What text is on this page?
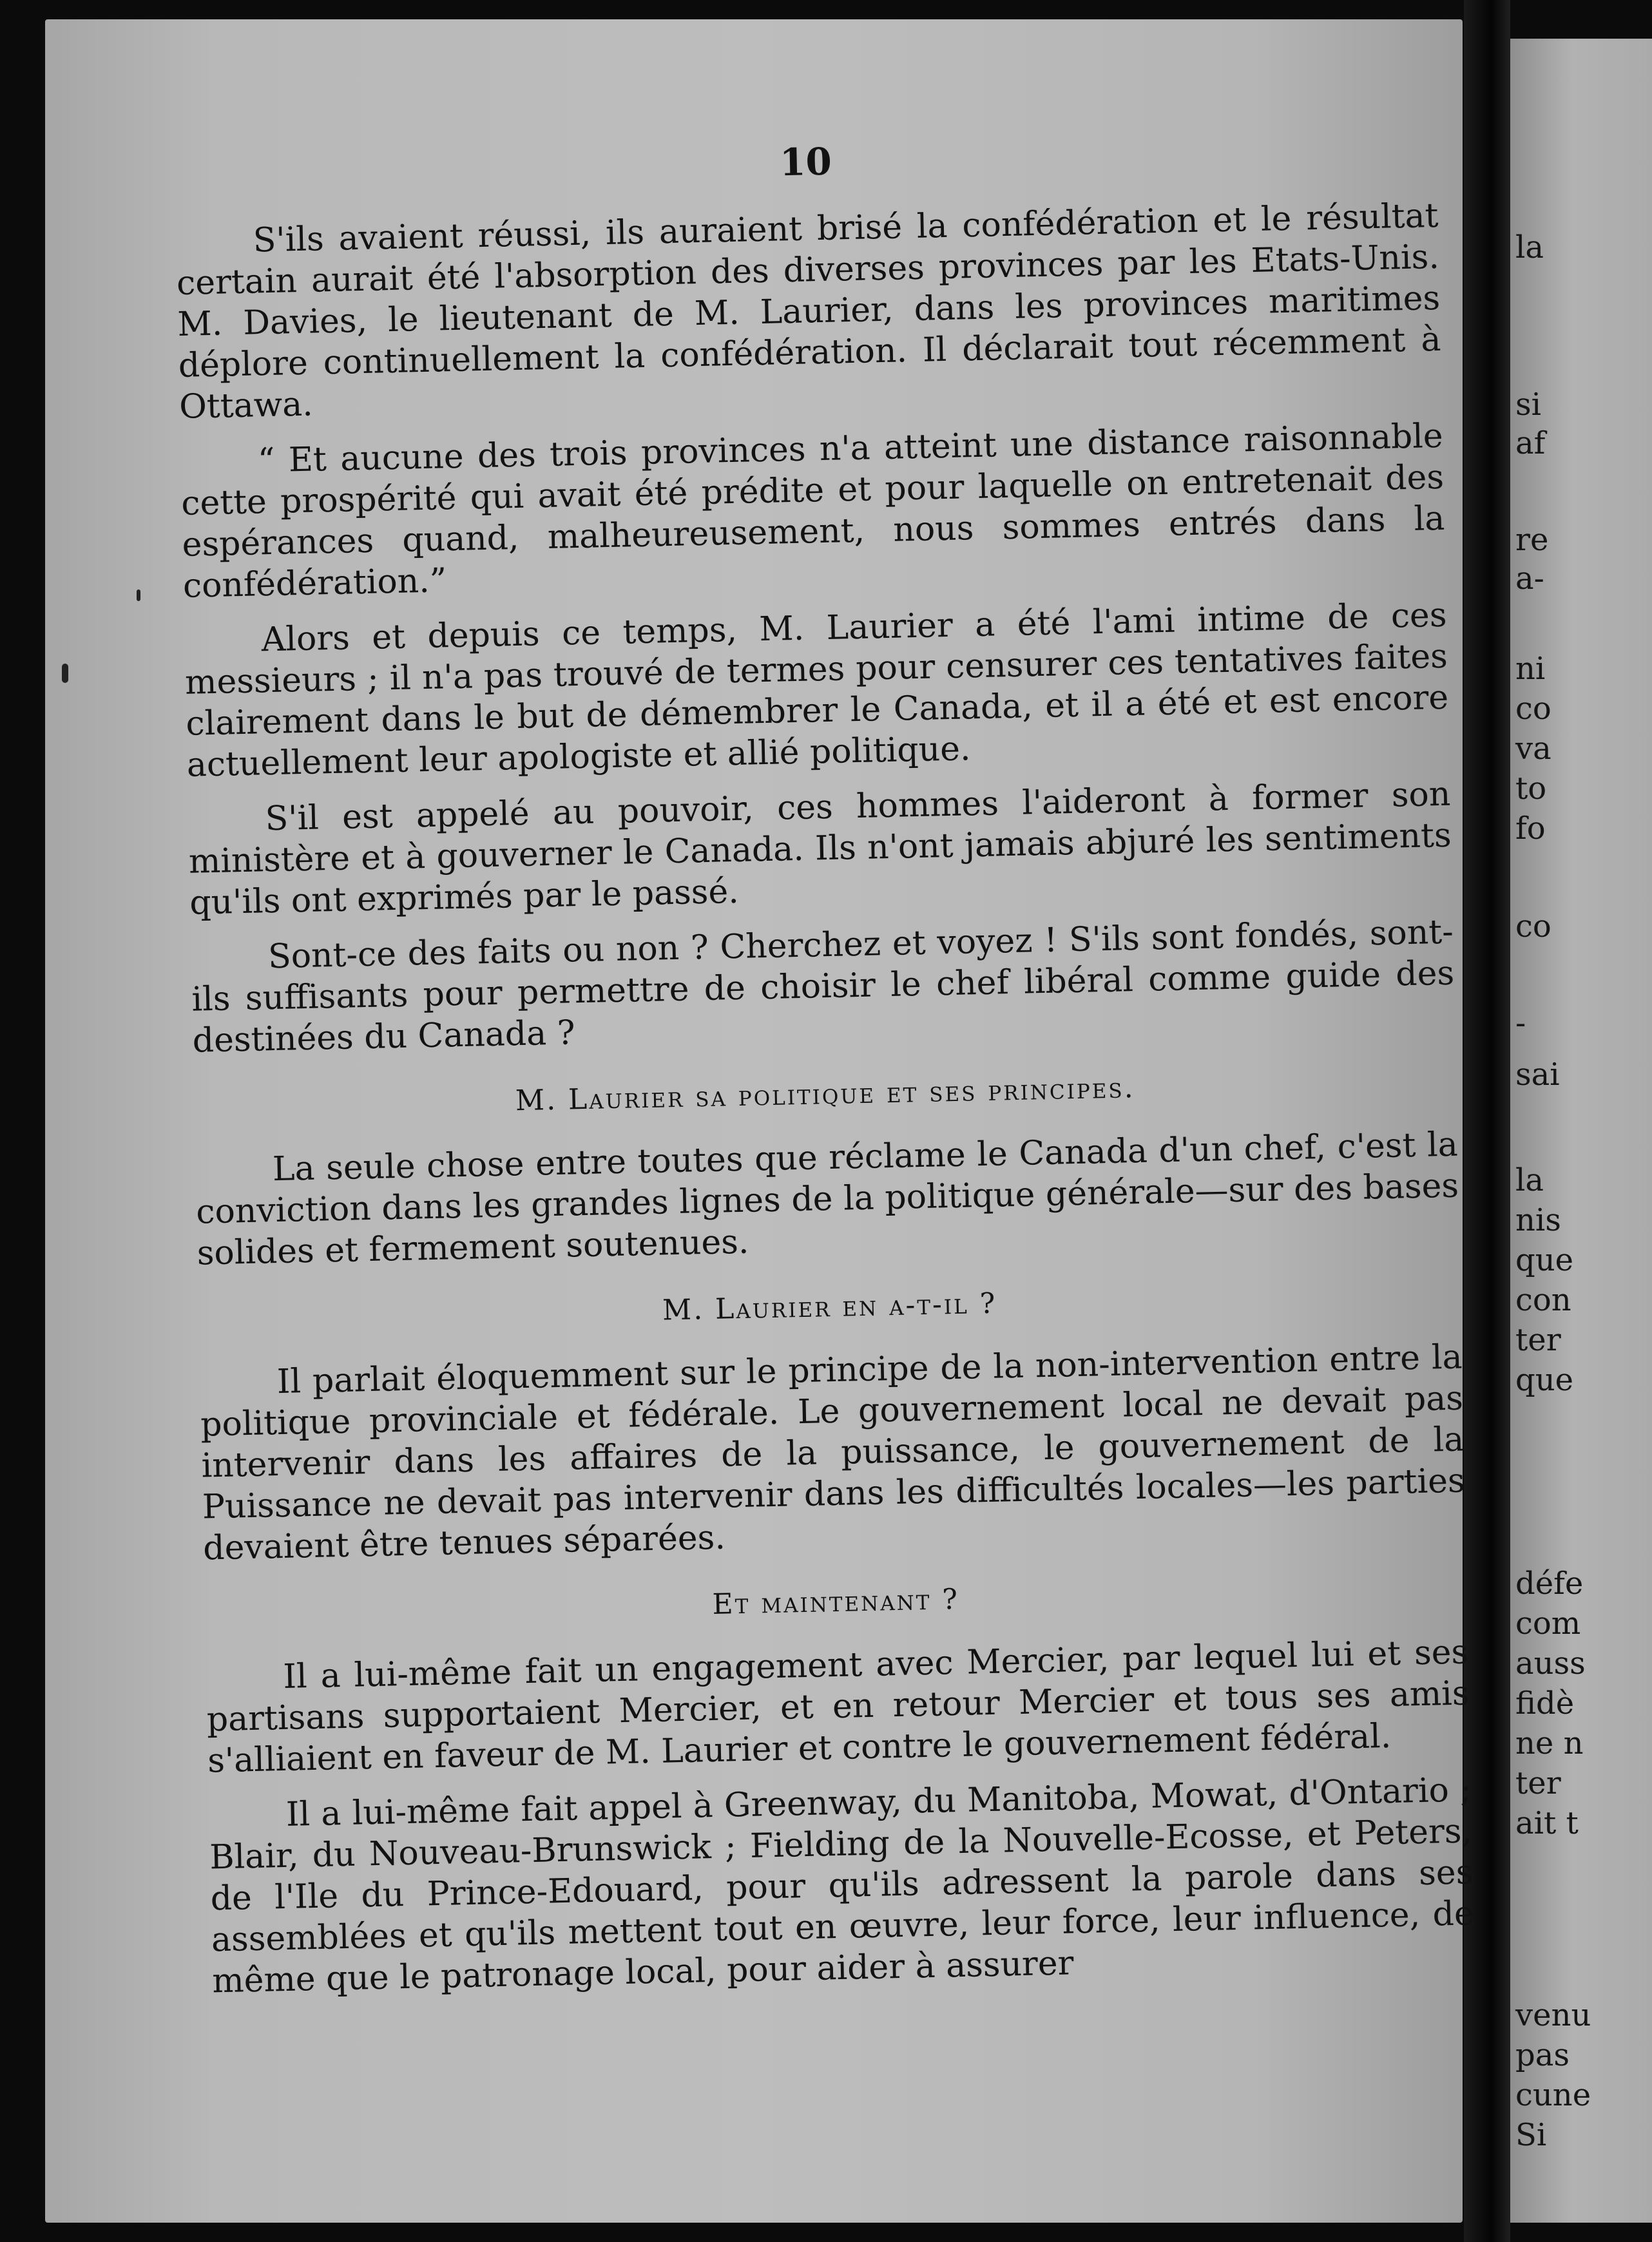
10

S'ils avaient réussi, ils auraient brisé la confédération et le résultat certain aurait été l'absorption des diverses provinces par les Etats-Unis. M. Davies, le lieutenant de M. Laurier, dans les provinces maritimes déplore continuellement la confédération. Il déclarait tout récemment à Ottawa.

“ Et aucune des trois provinces n'a atteint une distance raisonnable cette prospérité qui avait été prédite et pour laquelle on entretenait des espérances quand, malheureusement, nous sommes entrés dans la confédération.”

Alors et depuis ce temps, M. Laurier a été l'ami intime de ces messieurs ; il n'a pas trouvé de termes pour censurer ces tentatives faites clairement dans le but de démembrer le Canada, et il a été et est encore actuellement leur apologiste et allié politique.

S'il est appelé au pouvoir, ces hommes l'aideront à former son ministère et à gouverner le Canada. Ils n'ont jamais abjuré les sentiments qu'ils ont exprimés par le passé.

Sont-ce des faits ou non ? Cherchez et voyez ! S'ils sont fondés, sont-ils suffisants pour permettre de choisir le chef libéral comme guide des destinées du Canada ?

M. Laurier sa politique et ses principes.

La seule chose entre toutes que réclame le Canada d'un chef, c'est la conviction dans les grandes lignes de la politique générale—sur des bases solides et fermement soutenues.

M. Laurier en a-t-il ?

Il parlait éloquemment sur le principe de la non-intervention entre la politique provinciale et fédérale. Le gouvernement local ne devait pas intervenir dans les affaires de la puissance, le gouvernement de la Puissance ne devait pas intervenir dans les difficultés locales—les parties devaient être tenues séparées.

Et maintenant ?

Il a lui-même fait un engagement avec Mercier, par lequel lui et ses partisans supportaient Mercier, et en retour Mercier et tous ses amis s'alliaient en faveur de M. Laurier et contre le gouvernement fédéral.

Il a lui-même fait appel à Greenway, du Manitoba, Mowat, d'Ontario ; Blair, du Nouveau-Brunswick ; Fielding de la Nouvelle-Ecosse, et Peters, de l'Ile du Prince-Edouard, pour qu'ils adressent la parole dans ses assemblées et qu'ils mettent tout en œuvre, leur force, leur influence, de même que le patronage local, pour aider à assurer

la
si
af
re
a-
ni
co
va
to
fo
co
-
sai
la
nis
que
con
ter
que
défe
com
auss
fidè
ne n
ter
ait t
venu
pas
cune
Si
